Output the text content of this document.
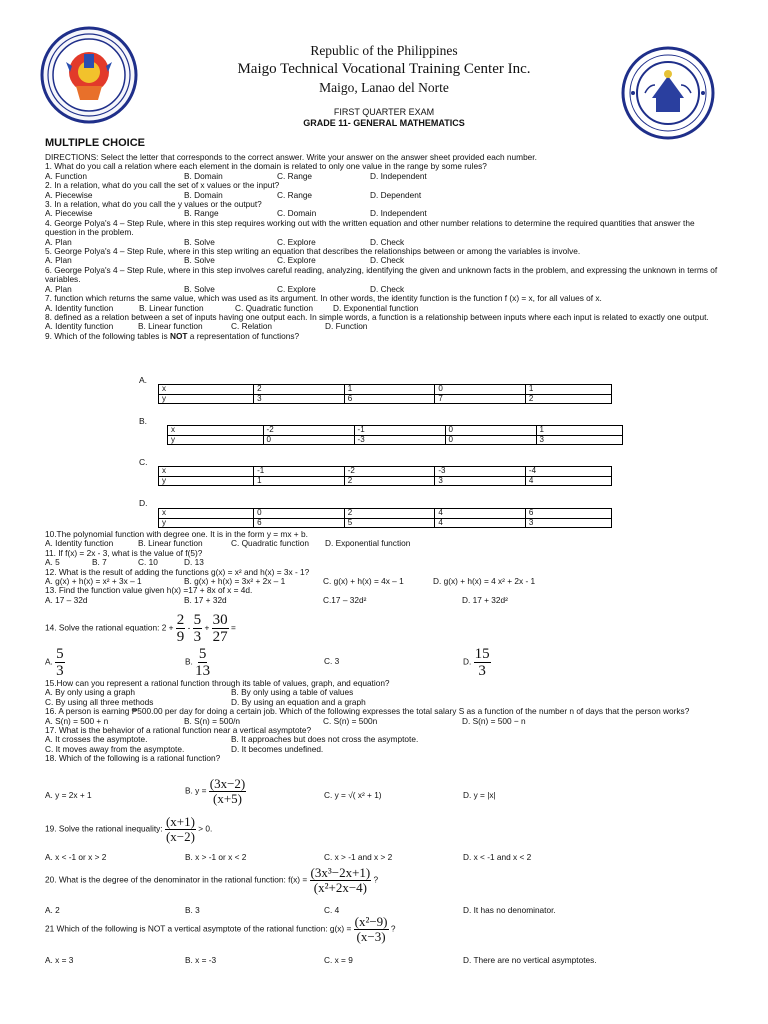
Republic of the Philippines
Maigo Technical Vocational Training Center Inc.
Maigo, Lanao del Norte
FIRST QUARTER EXAM
GRADE 11- GENERAL MATHEMATICS
MULTIPLE CHOICE
DIRECTIONS: Select the letter that corresponds to the correct answer. Write your answer on the answer sheet provided each number.
1. What do you call a relation where each element in the domain is related to only one value in the range by some rules?
A. Function	B. Domain	C. Range	D. Independent
2. In a relation, what do you call the set of x values or the input?
A. Piecewise	B. Domain	C. Range	D. Dependent
3. In a relation, what do you call the y values or the output?
A. Piecewise	B. Range	C. Domain	D. Independent
4. George Polya's 4 – Step Rule, where in this step requires working out with the written equation and other number relations to determine the required quantities that answer the question in the problem.
A. Plan	B. Solve	C. Explore	D. Check
5. George Polya's 4 – Step Rule, where in this step writing an equation that describes the relationships between or among the variables is involve.
A. Plan	B. Solve	C. Explore	D. Check
6. George Polya's 4 – Step Rule, where in this step involves careful reading, analyzing, identifying the given and unknown facts in the problem, and expressing the unknown in terms of variables.
A. Plan	B. Solve	C. Explore	D. Check
7. function which returns the same value, which was used as its argument. In other words, the identity function is the function f (x) = x, for all values of x.
A. Identity function	B. Linear function	C. Quadratic function	D. Exponential function
8. defined as a relation between a set of inputs having one output each. In simple words, a function is a relationship between inputs where each input is related to exactly one output.
A. Identity function	B. Linear function	C. Relation	D. Function
9. Which of the following tables is NOT a representation of functions?
A.
x	2	1	0	1
y	3	6	7	2
B.
x	-2	-1	0	1
y	0	-3	0	3
C.
x	-1	-2	-3	-4
y	1	2	3	4
D.
x	0	2	4	6
y	6	5	4	3
10.The polynomial function with degree one. It is in the form y = mx + b.
A. Identity function	B. Linear function	C. Quadratic function	D. Exponential function
11. If f(x) = 2x - 3, what is the value of f(5)?
A. 5	B. 7	C. 10	D. 13
12. What is the result of adding the functions g(x) = x² and h(x) = 3x - 1?
A. g(x) + h(x) = x² + 3x – 1	B. g(x) + h(x) = 3x² + 2x – 1	C. g(x) + h(x) = 4x – 1	D. g(x) + h(x) = 4 x² + 2x - 1
13. Find the function value given h(x) =17 + 8x of x = 4d.
A. 17 – 32d	B. 17 + 32d	C.17 – 32d²	D. 17 + 32d²
14. Solve the rational equation: $2 + \frac{2}{9} - \frac{5}{3} + \frac{30}{27}$ =
A. $\frac{5}{3}$	B. $\frac{5}{13}$	C. 3	D. $\frac{15}{3}$
15.How can you represent a rational function through its table of values, graph, and equation?
A. By only using a graph	B. By only using a table of values
C. By using all three methods	D. By using an equation and a graph
16. A person is earning ₱500.00 per day for doing a certain job. Which of the following expresses the total salary S as a function of the number n of days that the person works?
A. S(n) = 500 + n	B. S(n) = 500/n	C. S(n) = 500n	D. S(n) = 500 − n
17. What is the behavior of a rational function near a vertical asymptote?
A. It crosses the asymptote.	B. It approaches but does not cross the asymptote.
C. It moves away from the asymptote.	D. It becomes undefined.
18. Which of the following is a rational function?
A. y = 2x + 1	B. $y = \frac{(3x-2)}{(x+5)}$	C. y = √( x² + 1)	D. y = |x|
19. Solve the rational inequality: $\frac{(x+1)}{(x-2)} > 0$.
A. x < -1 or x > 2	B. x > -1 or x < 2	C. x > -1 and x > 2	D. x < -1 and x < 2
20. What is the degree of the denominator in the rational function: $f(x) = \frac{\text{(3x³−2x+1)}}{\text{(x²+2x−4)}}$ ?
A. 2	B. 3	C. 4	D. It has no denominator.
21 Which of the following is NOT a vertical asymptote of the rational function: $g(x) = \frac{\text{(x²−9)}}{(x-3)}$ ?
A. x = 3	B. x = -3	C. x = 9	D. There are no vertical asymptotes.
